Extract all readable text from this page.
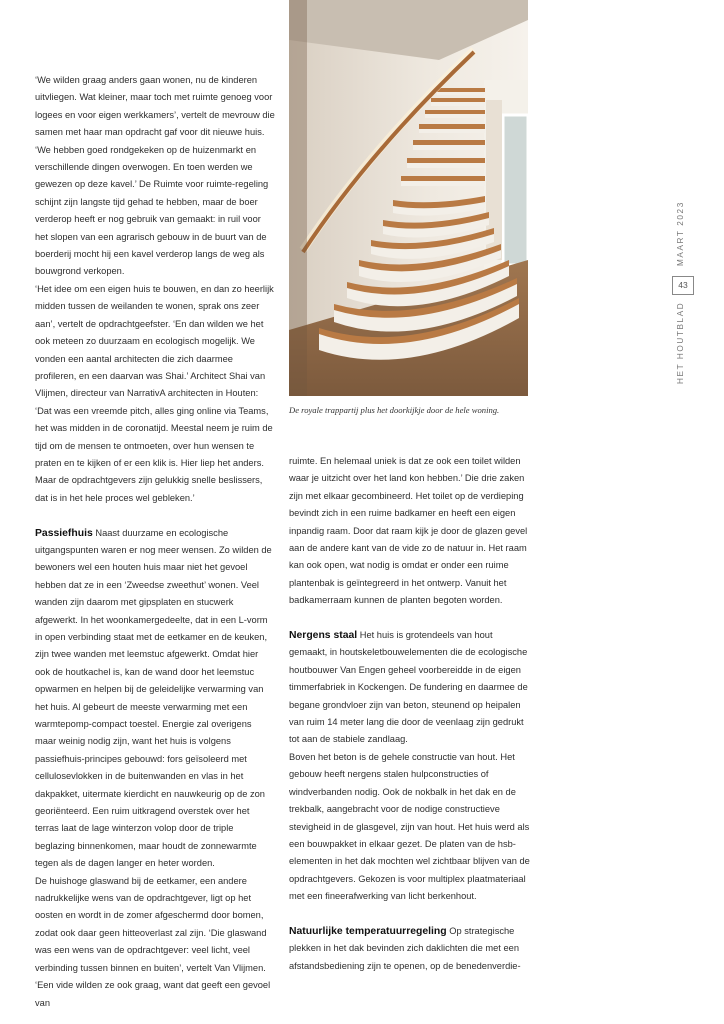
De royale trappartij plus het doorkijkje door de hele woning.

‘We wilden graag anders gaan wonen, nu de kinderen uitvliegen. Wat kleiner, maar toch met ruimte genoeg voor logees en voor eigen werkkamers’, vertelt de mevrouw die samen met haar man opdracht gaf voor dit nieuwe huis. ‘We hebben goed rondgekeken op de huizenmarkt en verschillende dingen overwogen. En toen werden we gewezen op deze kavel.’ De Ruimte voor ruimte-regeling schijnt zijn langste tijd gehad te hebben, maar de boer verderop heeft er nog gebruik van gemaakt: in ruil voor het slopen van een agrarisch gebouw in de buurt van de boerderij mocht hij een kavel verderop langs de weg als bouwgrond verkopen.

‘Het idee om een eigen huis te bouwen, en dan zo heerlijk midden tussen de weilanden te wonen, sprak ons zeer aan’, vertelt de opdrachtgeefster. ‘En dan wilden we het ook meteen zo duurzaam en ecologisch mogelijk. We vonden een aantal architecten die zich daarmee profileren, en een daarvan was Shai.’ Architect Shai van Vlijmen, directeur van NarrativA architecten in Houten: ‘Dat was een vreemde pitch, alles ging online via Teams, het was midden in de coronatijd. Meestal neem je ruim de tijd om de mensen te ontmoeten, over hun wensen te praten en te kijken of er een klik is. Hier liep het anders. Maar de opdrachtgevers zijn gelukkig snelle beslissers, dat is in het hele proces wel gebleken.’

Passiefhuis Naast duurzame en ecologische uitgangspunten waren er nog meer wensen. Zo wilden de bewoners wel een houten huis maar niet het gevoel hebben dat ze in een ‘Zweedse zweethut’ wonen. Veel wanden zijn daarom met gipsplaten en stucwerk afgewerkt. In het woonkamergedeelte, dat in een L-vorm in open verbinding staat met de eetkamer en de keuken, zijn twee wanden met leemstuc afgewerkt. Omdat hier ook de houtkachel is, kan de wand door het leemstuc opwarmen en helpen bij de geleidelijke verwarming van het huis. Al gebeurt de meeste verwarming met een warmtepomp-compact toestel. Energie zal overigens maar weinig nodig zijn, want het huis is volgens passiefhuis-principes gebouwd: fors geïsoleerd met cellulosevlokken in de buitenwanden en vlas in het dakpakket, uitermate kierdicht en nauwkeurig op de zon georiënteerd. Een ruim uitkragend overstek over het terras laat de lage winterzon volop door de triple beglazing binnenkomen, maar houdt de zonnewarmte tegen als de dagen langer en heter worden.

De huishoge glaswand bij de eetkamer, een andere nadrukkelijke wens van de opdrachtgever, ligt op het oosten en wordt in de zomer afgeschermd door bomen, zodat ook daar geen hitteoverlast zal zijn. ‘Die glaswand was een wens van de opdrachtgever: veel licht, veel verbinding tussen binnen en buiten’, vertelt Van Vlijmen. ‘Een vide wilden ze ook graag, want dat geeft een gevoel van

ruimte. En helemaal uniek is dat ze ook een toilet wilden waar je uitzicht over het land kon hebben.’ Die drie zaken zijn met elkaar gecombineerd. Het toilet op de verdieping bevindt zich in een ruime badkamer en heeft een eigen inpandig raam. Door dat raam kijk je door de glazen gevel aan de andere kant van de vide zo de natuur in. Het raam kan ook open, wat nodig is omdat er onder een ruime plantenbak is geïntegreerd in het ontwerp. Vanuit het badkamerraam kunnen de planten begoten worden.

Nergens staal Het huis is grotendeels van hout gemaakt, in houtskeletbouwelementen die de ecologische houtbouwer Van Engen geheel voorbereidde in de eigen timmerfabriek in Kockengen. De fundering en daarmee de begane grondvloer zijn van beton, steunend op heipalen van ruim 14 meter lang die door de veenlaag zijn gedrukt tot aan de stabiele zandlaag.

Boven het beton is de gehele constructie van hout. Het gebouw heeft nergens stalen hulpconstructies of windverbanden nodig. Ook de nokbalk in het dak en de trekbalk, aangebracht voor de nodige constructieve stevigheid in de glasgevel, zijn van hout. Het huis werd als een bouwpakket in elkaar gezet. De platen van de hsb-elementen in het dak mochten wel zichtbaar blijven van de opdrachtgevers. Gekozen is voor multiplex plaatmateriaal met een fineerafwerking van licht berkenhout.

Natuurlijke temperatuurregeling Op strategische plekken in het dak bevinden zich daklichten die met een afstandsbediening zijn te openen, op de benedenverdie-

MAART 2023
HET HOUTBLAD
43
